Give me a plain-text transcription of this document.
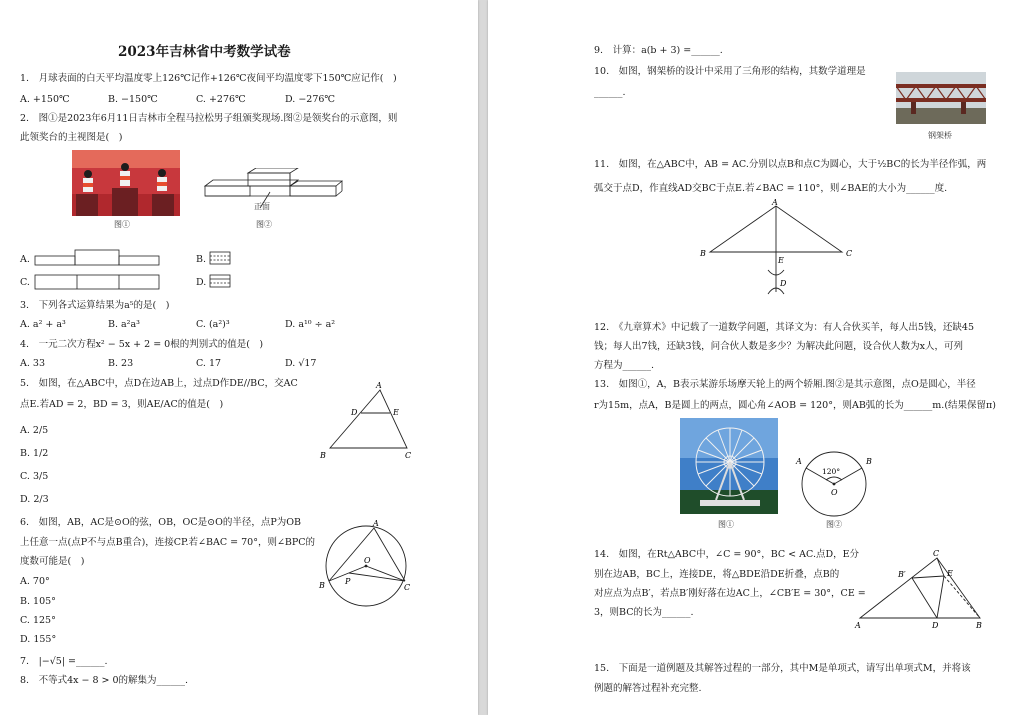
2023年吉林省中考数学试卷
1.　月球表面的白天平均温度零上126℃记作+126℃夜间平均温度零下150℃应记作(　)
A. +150℃	B. −150℃	C. +276℃	D. −276℃
2.　图①是2023年6月11日吉林市全程马拉松男子组颁奖现场.图②是领奖台的示意图，则
此领奖台的主视图是(　)
图①
正面
图②
A.
C.
B.
D.
3.　下列各式运算结果为a⁵的是(　)
A. a² + a³	B. a²a³	C. (a²)³	D. a¹⁰ ÷ a²
4.　一元二次方程x² − 5x + 2 = 0根的判别式的值是(　)
A. 33	B. 23	C. 17	D. √17
5.　如图，在△ABC中，点D在边AB上，过点D作DE//BC，交AC
点E.若AD = 2，BD = 3，则AE/AC的值是(　)
A. 2/5
B. 1/2
C. 3/5
D. 2/3
A
B	C
D	E
6.　如图，AB，AC是⊙O的弦，OB，OC是⊙O的半径，点P为OB
上任意一点(点P不与点B重合)，连接CP.若∠BAC = 70°，则∠BPC的
度数可能是(　)
A. 70°
B. 105°
C. 125°
D. 155°
A
B	C
O
P
7.　|−√5| =______.
8.　不等式4x − 8 > 0的解集为______.
9.　计算：a(b + 3) =______.
10.　如图，钢架桥的设计中采用了三角形的结构，其数学道理是
______.
钢架桥
11.　如图，在△ABC中，AB = AC.分别以点B和点C为圆心，大于½BC的长为半径作弧，两
弧交于点D，作直线AD交BC于点E.若∠BAC = 110°，则∠BAE的大小为______度.
A
B	C
E
D
12.　《九章算术》中记载了一道数学问题，其译文为：有人合伙买羊，每人出5钱，还缺45
钱；每人出7钱，还缺3钱，问合伙人数是多少？为解决此问题，设合伙人数为x人，可列
方程为______.
13.　如图①，A，B表示某游乐场摩天轮上的两个轿厢.图②是其示意图，点O是圆心，半径
r为15m，点A，B是圆上的两点，圆心角∠AOB = 120°，则AB弧的长为______m.(结果保留π)
图①
A	B
O
120°
图②
14.　如图，在Rt△ABC中，∠C = 90°，BC < AC.点D，E分
别在边AB，BC上，连接DE，将△BDE沿DE折叠，点B的
对应点为点B′，若点B′刚好落在边AC上，∠CB′E = 30°，CE =
3，则BC的长为______.
A	B
C
D
E
B′
15.　下面是一道例题及其解答过程的一部分，其中M是单项式，请写出单项式M，并将该
例题的解答过程补充完整.
